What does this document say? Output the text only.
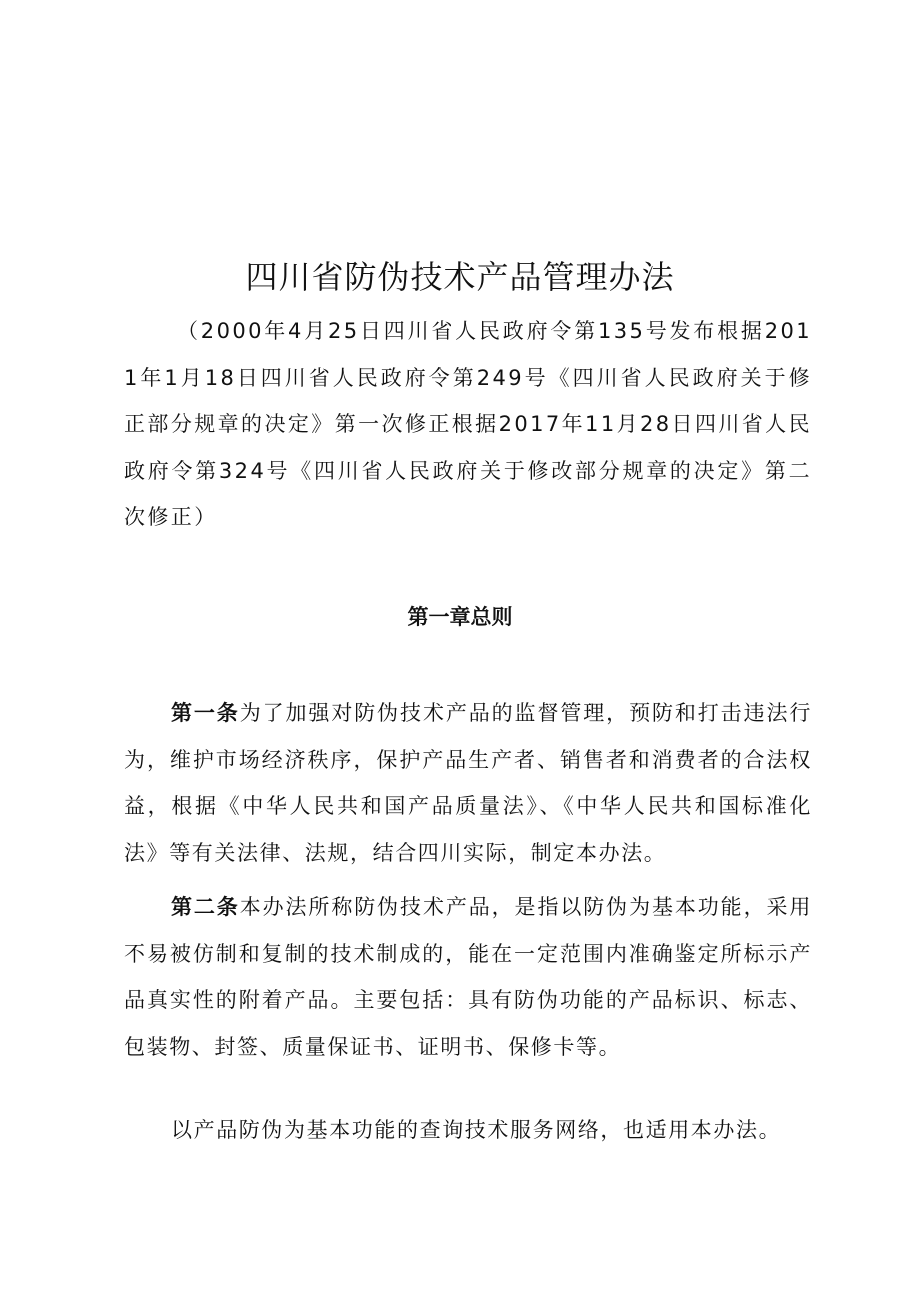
四川省防伪技术产品管理办法
（2000年4月25日四川省人民政府令第135号发布根据2011年1月18日四川省人民政府令第249号《四川省人民政府关于修正部分规章的决定》第一次修正根据2017年11月28日四川省人民政府令第324号《四川省人民政府关于修改部分规章的决定》第二次修正）
第一章总则
第一条为了加强对防伪技术产品的监督管理，预防和打击违法行为，维护市场经济秩序，保护产品生产者、销售者和消费者的合法权益，根据《中华人民共和国产品质量法》、《中华人民共和国标准化法》等有关法律、法规，结合四川实际，制定本办法。
第二条本办法所称防伪技术产品，是指以防伪为基本功能，采用不易被仿制和复制的技术制成的，能在一定范围内准确鉴定所标示产品真实性的附着产品。主要包括：具有防伪功能的产品标识、标志、包装物、封签、质量保证书、证明书、保修卡等。
以产品防伪为基本功能的查询技术服务网络，也适用本办法。
